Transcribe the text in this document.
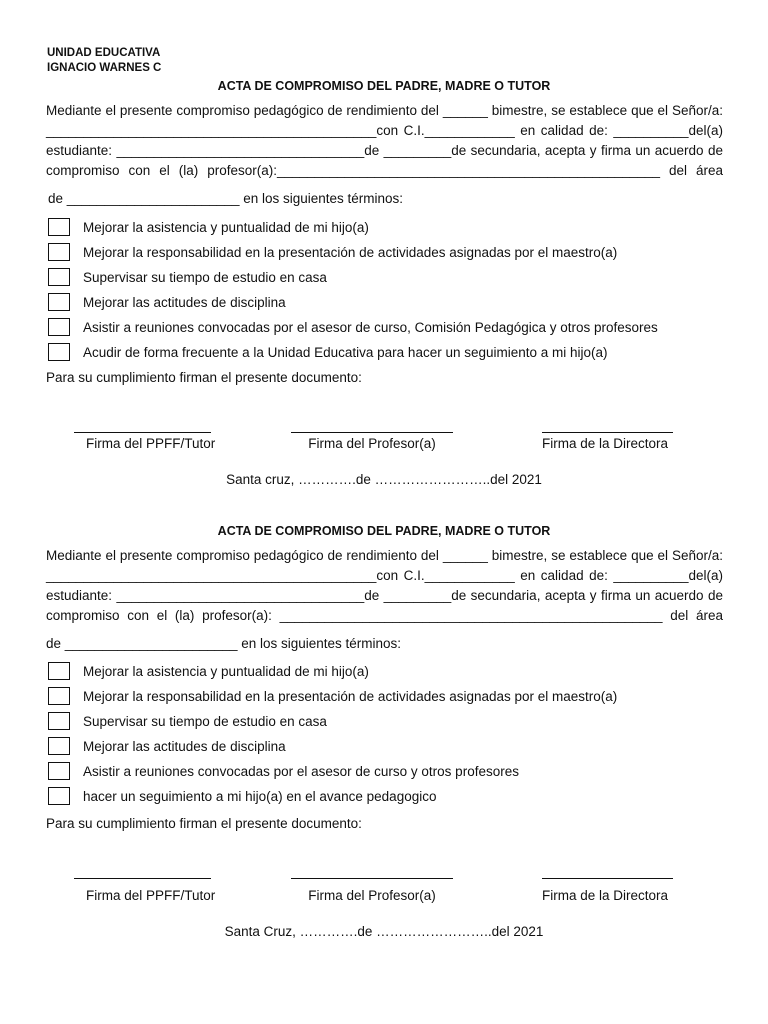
UNIDAD EDUCATIVA
IGNACIO WARNES C
ACTA DE COMPROMISO DEL PADRE, MADRE O TUTOR
Mediante el presente compromiso pedagógico de rendimiento del ______ bimestre, se establece que el Señor/a:
____________________________________________con C.I.____________ en calidad de: __________del(a)
estudiante: _________________________________de _________de secundaria, acepta y firma un acuerdo de
compromiso con el (la) profesor(a):___________________________________________________ del área
de _______________________ en los siguientes términos:
Mejorar la asistencia y puntualidad de mi hijo(a)
Mejorar la responsabilidad en la presentación de actividades asignadas por el maestro(a)
Supervisar su tiempo de estudio en casa
Mejorar las actitudes de disciplina
Asistir a reuniones convocadas por el asesor de curso, Comisión Pedagógica y otros profesores
Acudir de forma frecuente a la Unidad Educativa para hacer un seguimiento a mi hijo(a)
Para su cumplimiento firman el presente documento:
Firma del PPFF/Tutor	Firma del Profesor(a)	Firma de la Directora
Santa cruz, ………….de ……………………..del 2021
ACTA DE COMPROMISO DEL PADRE, MADRE O TUTOR
Mediante el presente compromiso pedagógico de rendimiento del ______ bimestre, se establece que el Señor/a:
____________________________________________con C.I.____________ en calidad de: __________del(a)
estudiante: _________________________________de _________de secundaria, acepta y firma un acuerdo de
compromiso con el (la) profesor(a): ___________________________________________________ del área
de _______________________ en los siguientes términos:
Mejorar la asistencia y puntualidad de mi hijo(a)
Mejorar la responsabilidad en la presentación de actividades asignadas por el maestro(a)
Supervisar su tiempo de estudio en casa
Mejorar las actitudes de disciplina
Asistir a reuniones convocadas por el asesor de curso y otros profesores
hacer un seguimiento a mi hijo(a) en el avance pedagogico
Para su cumplimiento firman el presente documento:
Firma del PPFF/Tutor	Firma del Profesor(a)	Firma de la Directora
Santa Cruz, ………….de ……………………..del 2021
